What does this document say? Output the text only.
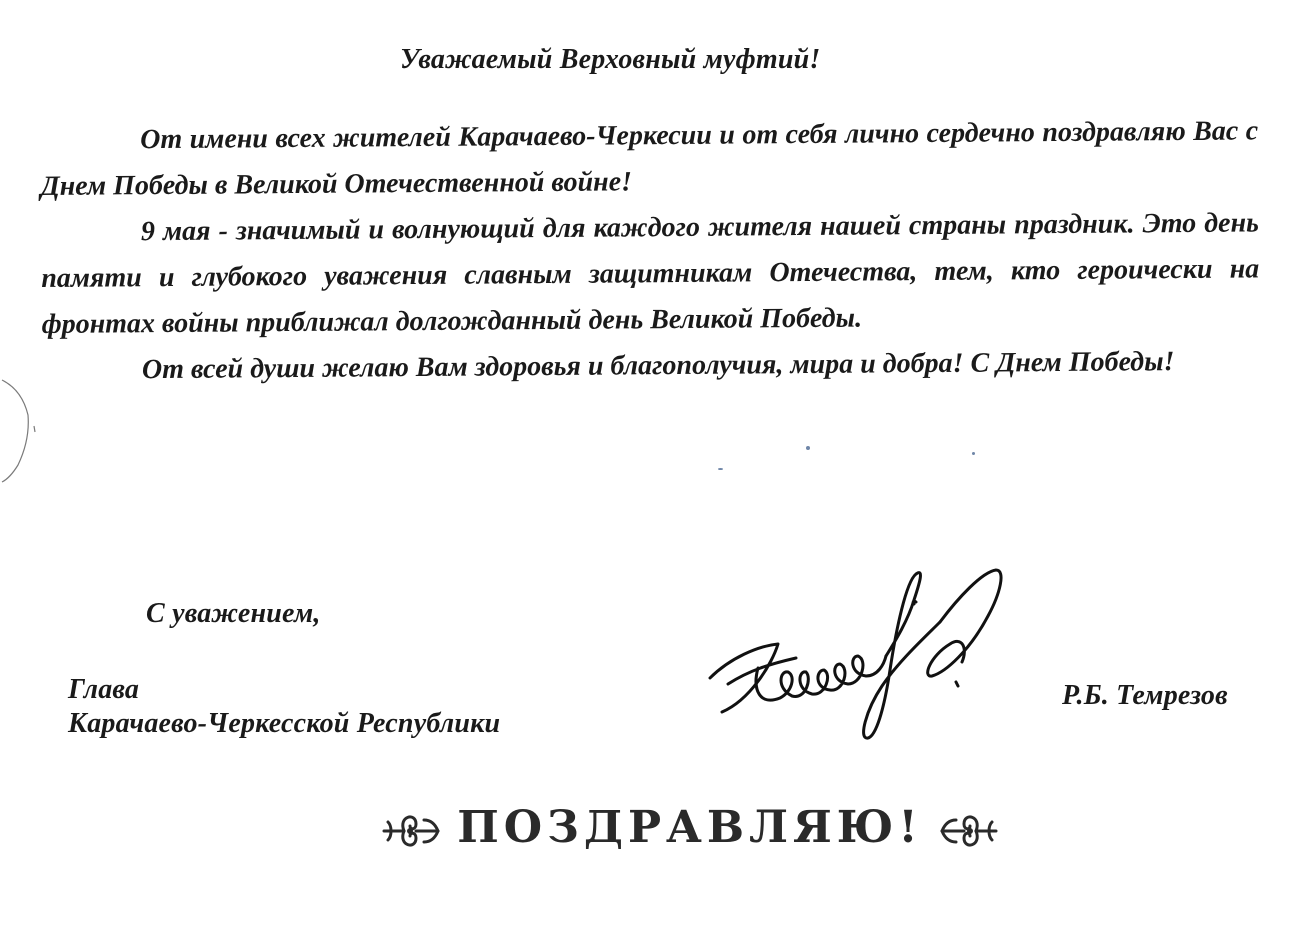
Уважаемый Верховный муфтий!

От имени всех жителей Карачаево-Черкесии и от себя лично сердечно поздравляю Вас с Днем Победы в Великой Отечественной войне!

9 мая - значимый и волнующий для каждого жителя нашей страны праздник. Это день памяти и глубокого уважения славным защитникам Отечества, тем, кто героически на фронтах войны приближал долгожданный день Великой Победы.

От всей души желаю Вам здоровья и благополучия, мира и добра! С Днем Победы!

С уважением,
Глава
Карачаево-Черкесской Республики
Р.Б. Темрезов
ПОЗДРАВЛЯЮ!
